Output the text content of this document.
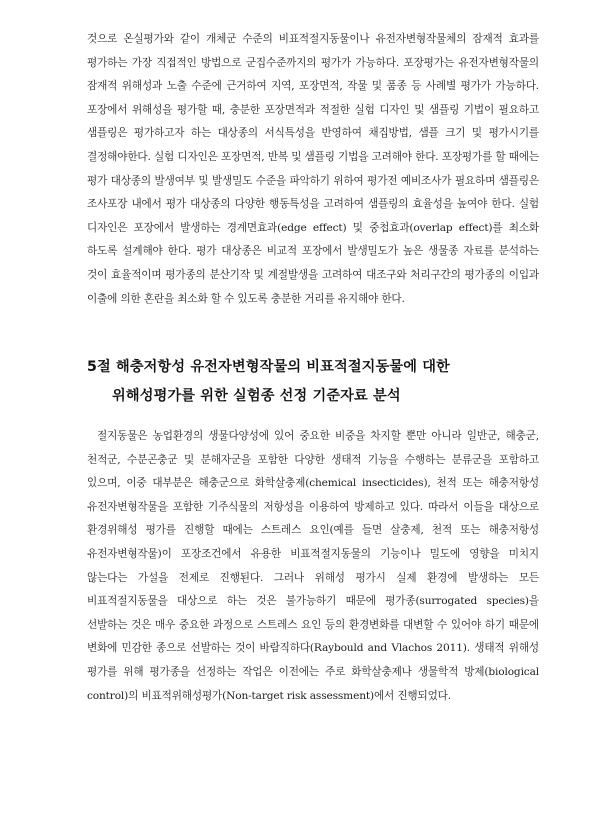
것으로 온실평가와 같이 개체군 수준의 비표적절지동물이나 유전자변형작물체의 잠재적 효과를 평가하는 가장 직접적인 방법으로 군집수준까지의 평가가 가능하다. 포장평가는 유전자변형작물의 잠재적 위해성과 노출 수준에 근거하여 지역, 포장면적, 작물 및 품종 등 사례별 평가가 가능하다. 포장에서 위해성을 평가할 때, 충분한 포장면적과 적절한 실험 디자인 및 샘플링 기법이 필요하고 샘플링은 평가하고자 하는 대상종의 서식특성을 반영하여 채집방법, 샘플 크기 및 평가시기를 결정해야한다. 실험 디자인은 포장면적, 반복 및 샘플링 기법을 고려해야 한다. 포장평가를 할 때에는 평가 대상종의 발생여부 및 발생밀도 수준을 파악하기 위하여 평가전 예비조사가 필요하며 샘플링은 조사포장 내에서 평가 대상종의 다양한 행동특성을 고려하여 샘플링의 효율성을 높여야 한다. 실험 디자인은 포장에서 발생하는 경계면효과(edge effect) 및 중첩효과(overlap effect)를 최소화 하도록 설계해야 한다. 평가 대상종은 비교적 포장에서 발생밀도가 높은 생물종 자료를 분석하는 것이 효율적이며 평가종의 분산기작 및 계절발생을 고려하여 대조구와 처리구간의 평가종의 이입과 이출에 의한 혼란을 최소화 할 수 있도록 충분한 거리를 유지해야 한다.

5절 해충저항성 유전자변형작물의 비표적절지동물에 대한
위해성평가를 위한 실험종 선정 기준자료 분석

절지동물은 농업환경의 생물다양성에 있어 중요한 비중을 차지할 뿐만 아니라 일반군, 해충군, 천적군, 수분곤충군 및 분해자군을 포함한 다양한 생태적 기능을 수행하는 분류군을 포함하고 있으며, 이중 대부분은 해충군으로 화학살충제(chemical insecticides), 천적 또는 해충저항성 유전자변형작물을 포함한 기주식물의 저항성을 이용하여 방제하고 있다. 따라서 이들을 대상으로 환경위해성 평가를 진행할 때에는 스트레스 요인(예를 들면 살충제, 천적 또는 해충저항성 유전자변형작물)이 포장조건에서 유용한 비표적절지동물의 기능이나 밀도에 영향을 미치지 않는다는 가설을 전제로 진행된다. 그러나 위해성 평가시 실제 환경에 발생하는 모든 비표적절지동물을 대상으로 하는 것은 불가능하기 때문에 평가종(surrogated species)을 선발하는 것은 매우 중요한 과정으로 스트레스 요인 등의 환경변화를 대변할 수 있어야 하기 때문에 변화에 민감한 종으로 선발하는 것이 바람직하다(Raybould and Vlachos 2011). 생태적 위해성 평가를 위해 평가종을 선정하는 작업은 이전에는 주로 화학살충제나 생물학적 방제(biological control)의 비표적위해성평가(Non-target risk assessment)에서 진행되었다.
